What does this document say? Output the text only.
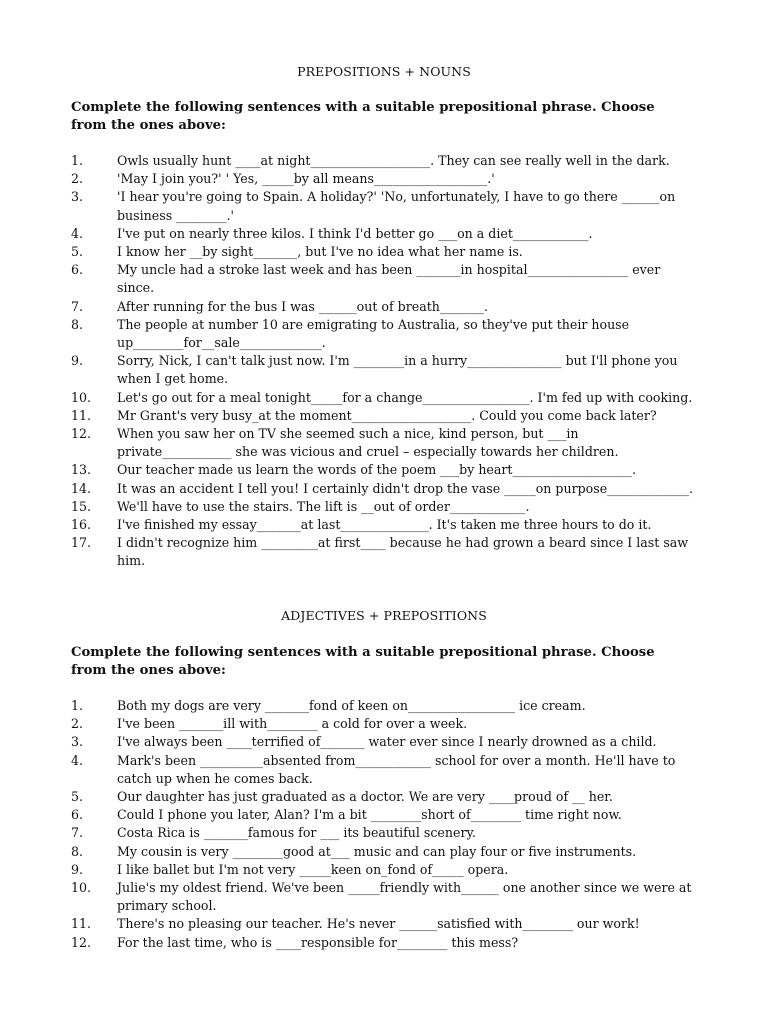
PREPOSITIONS + NOUNS
Complete the following sentences with a suitable prepositional phrase. Choose from the ones above:
1.	Owls usually hunt ____at night___________________. They can see really well in the dark.
2.	'May I join you?' ' Yes, _____by all means__________________.'
3.	'I hear you're going to Spain. A holiday?' 'No, unfortunately, I have to go there ______on business ________.'
4.	I've put on nearly three kilos. I think I'd better go ___on a diet____________.
5.	I know her __by sight_______, but I've no idea what her name is.
6.	My uncle had a stroke last week and has been _______in hospital________________ ever since.
7.	After running for the bus I was ______out of breath_______.
8.	The people at number 10 are emigrating to Australia, so they've put their house up________for__sale_____________.
9.	Sorry, Nick, I can't talk just now. I'm ________in a hurry_______________ but I'll phone you when I get home.
10.	Let's go out for a meal tonight_____for a change_________________. I'm fed up with cooking.
11.	Mr Grant's very busy_at the moment___________________. Could you come back later?
12.	When you saw her on TV she seemed such a nice, kind person, but ___in private___________ she was vicious and cruel – especially towards her children.
13.	Our teacher made us learn the words of the poem ___by heart___________________.
14.	It was an accident I tell you! I certainly didn't drop the vase _____on purpose_____________.
15.	We'll have to use the stairs. The lift is __out of order____________.
16.	I've finished my essay_______at last______________. It's taken me three hours to do it.
17.	I didn't recognize him _________at first____ because he had grown a beard since I last saw him.
ADJECTIVES + PREPOSITIONS
Complete the following sentences with a suitable prepositional phrase. Choose from the ones above:
1.	Both my dogs are very _______fond of keen on_________________ ice cream.
2.	I've been _______ill with________ a cold for over a week.
3.	I've always been ____terrified of_______ water ever since I nearly drowned as a child.
4.	Mark's been __________absented from____________ school for over a month. He'll have to catch up when he comes back.
5.	Our daughter has just graduated as a doctor. We are very ____proud of __ her.
6.	Could I phone you later, Alan? I'm a bit ________short of________ time right now.
7.	Costa Rica is _______famous for ___ its beautiful scenery.
8.	My cousin is very ________good at___ music and can play four or five instruments.
9.	I like ballet but I'm not very _____keen on_fond of_____ opera.
10.	Julie's my oldest friend. We've been _____friendly with______ one another since we were at primary school.
11.	There's no pleasing our teacher. He's never ______satisfied with________ our work!
12.	For the last time, who is ____responsible for________ this mess?
